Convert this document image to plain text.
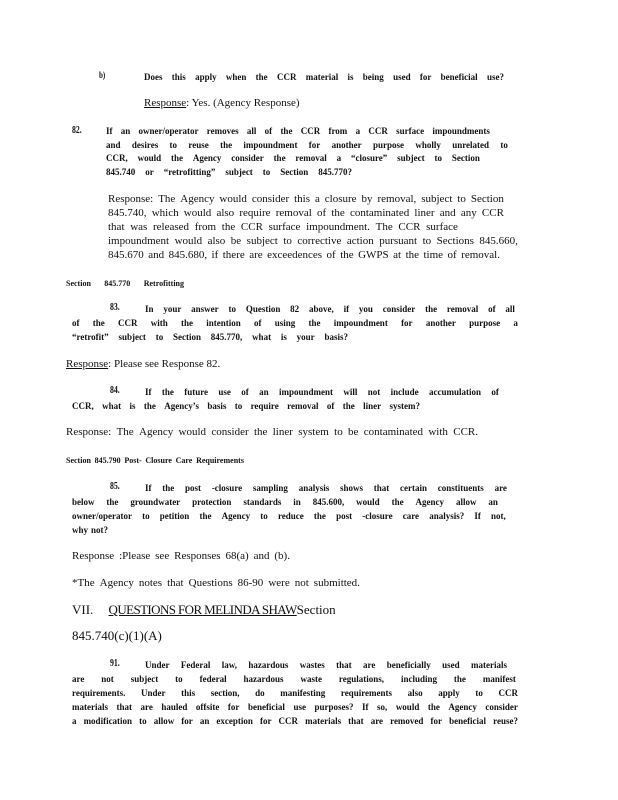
b)	Does this apply when the CCR material is being used for beneficial use?
Response: Yes. (Agency Response)
82.	If an owner/operator removes all of the CCR from a CCR surface impoundments
and desires to reuse the impoundment for another purpose wholly unrelated to
CCR, would the Agency consider the removal a “closure” subject to Section
845.740 or “retrofitting” subject to Section 845.770?
Response: The Agency would consider this a closure by removal, subject to Section
845.740, which would also require removal of the contaminated liner and any CCR
that was released from the CCR surface impoundment. The CCR surface
impoundment would also be subject to corrective action pursuant to Sections 845.660,
845.670 and 845.680, if there are exceedences of the GWPS at the time of removal.
Section 845.770 Retrofitting
83.	In your answer to Question 82 above, if you consider the removal of all
of the CCR with the intention of using the impoundment for another purpose a
“retrofit” subject to Section 845.770, what is your basis?
Response: Please see Response 82.
84.	If the future use of an impoundment will not include accumulation of
CCR, what is the Agency’s basis to require removal of the liner system?
Response: The Agency would consider the liner system to be contaminated with CCR.
Section 845.790 Post- Closure Care Requirements
85.	If the post -closure sampling analysis shows that certain constituents are
below the groundwater protection standards in 845.600, would the Agency allow an
owner/operator to petition the Agency to reduce the post -closure care analysis? If not,
why not?
Response :Please see Responses 68(a) and (b).
*The Agency notes that Questions 86-90 were not submitted.
VII. QUESTIONS FOR MELINDA SHAWSection
845.740(c)(1)(A)
91.	Under Federal law, hazardous wastes that are beneficially used materials
are not subject to federal hazardous waste regulations, including the manifest
requirements. Under this section, do manifesting requirements also apply to CCR
materials that are hauled offsite for beneficial use purposes? If so, would the Agency consider
a modification to allow for an exception for CCR materials that are removed for beneficial reuse?
